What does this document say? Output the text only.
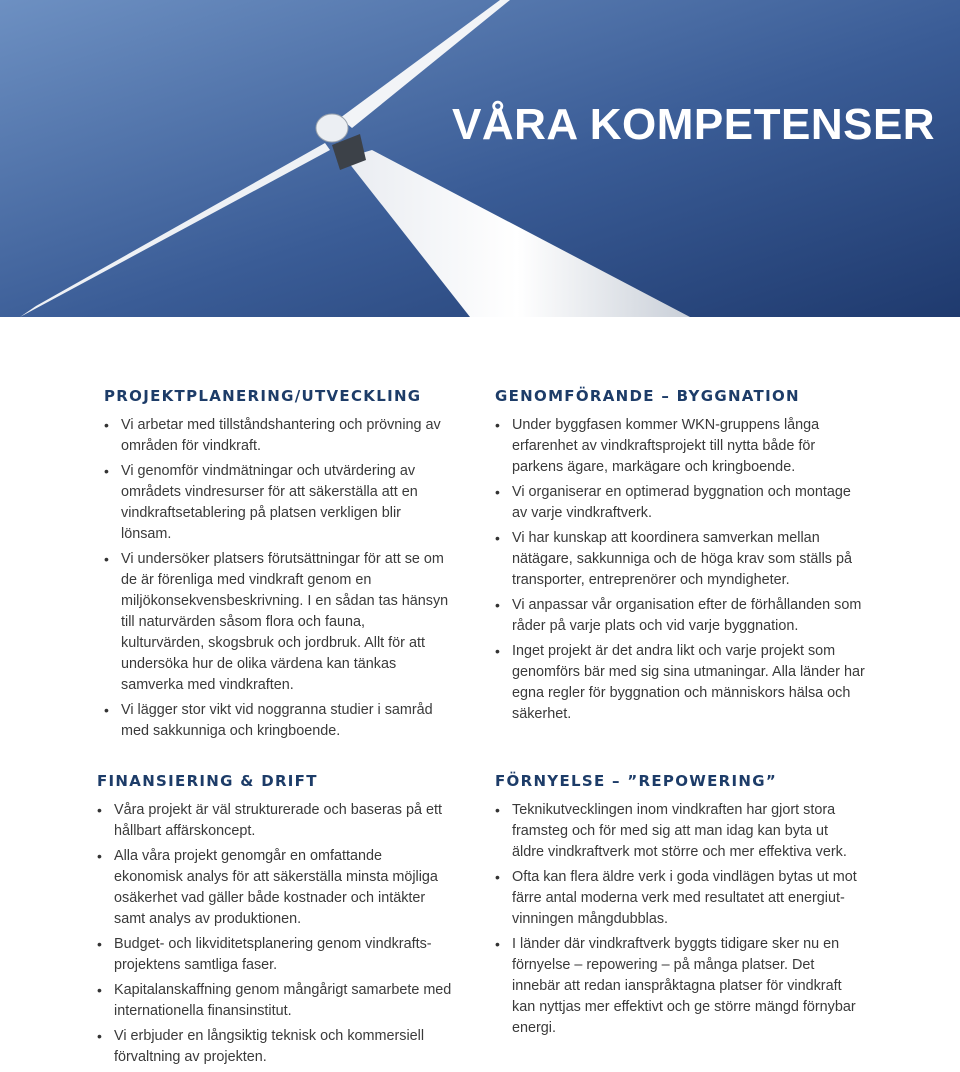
VÅRA KOMPETENSER
PROJEKTPLANERING/UTVECKLING
• Vi arbetar med tillståndshantering och prövning av områden för vindkraft.
• Vi genomför vindmätningar och utvärdering av områdets vindresurser för att säkerställa att en vindkraftsetablering på platsen verkligen blir lönsam.
• Vi undersöker platsers förutsättningar för att se om de är förenliga med vindkraft genom en miljökonsekvensbeskrivning. I en sådan tas hänsyn till naturvärden såsom flora och fauna, kulturvärden, skogsbruk och jordbruk. Allt för att undersöka hur de olika värdena kan tänkas samverka med vindkraften.
• Vi lägger stor vikt vid noggranna studier i samråd med sakkunniga och kringboende.
GENOMFÖRANDE – BYGGNATION
• Under byggfasen kommer WKN-gruppens långa erfarenhet av vindkraftsprojekt till nytta både för parkens ägare, markägare och kringboende.
• Vi organiserar en optimerad byggnation och montage av varje vindkraftverk.
• Vi har kunskap att koordinera samverkan mellan nätägare, sakkunniga och de höga krav som ställs på transporter, entreprenörer och myndigheter.
• Vi anpassar vår organisation efter de förhållanden som råder på varje plats och vid varje byggnation.
• Inget projekt är det andra likt och varje projekt som genomförs bär med sig sina utmaningar. Alla länder har egna regler för byggnation och människors hälsa och säkerhet.
FINANSIERING & DRIFT
• Våra projekt är väl strukturerade och baseras på ett hållbart affärskoncept.
• Alla våra projekt genomgår en omfattande ekonomisk analys för att säkerställa minsta möjliga osäkerhet vad gäller både kostnader och intäkter samt analys av produktionen.
• Budget- och likviditetsplanering genom vindkraftsprojektens samtliga faser.
• Kapitalanskaffning genom mångårigt samarbete med internationella finansinstitut.
• Vi erbjuder en långsiktig teknisk och kommersiell förvaltning av projekten.
FÖRNYELSE – ”REPOWERING”
• Teknikutvecklingen inom vindkraften har gjort stora framsteg och för med sig att man idag kan byta ut äldre vindkraftverk mot större och mer effektiva verk.
• Ofta kan flera äldre verk i goda vindlägen bytas ut mot färre antal moderna verk med resultatet att energiutvinningen mångdubblas.
• I länder där vindkraftverk byggts tidigare sker nu en förnyelse – repowering – på många platser. Det innebär att redan ianspråktagna platser för vindkraft kan nyttjas mer effektivt och ge större mängd förnybar energi.
